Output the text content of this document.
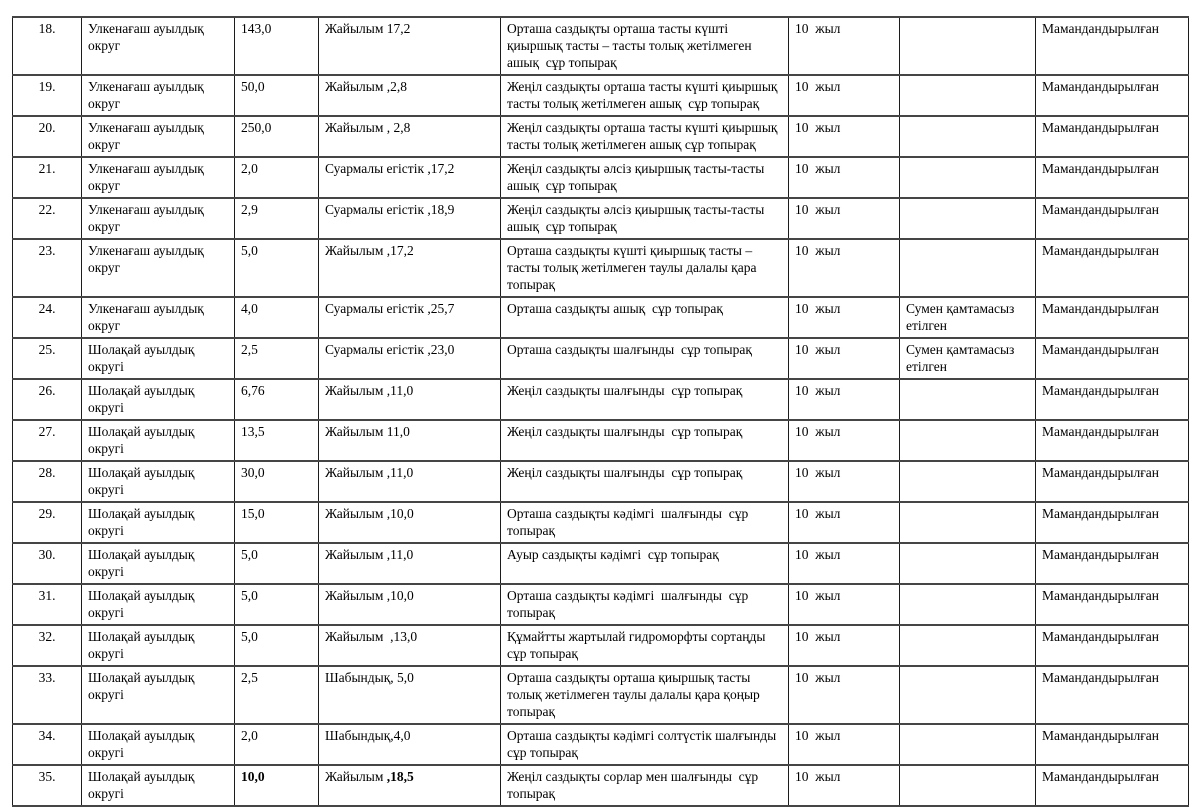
18.	Улкенағаш ауылдық округ	143,0	Жайылым 17,2	Орташа саздықты орташа тасты күшті қиыршық тасты – тасты толық жетілмеген ашық  сұр топырақ	10  жыл		Мамандандырылған
19.	Улкенағаш ауылдық округ	50,0	Жайылым ,2,8	Жеңіл саздықты орташа тасты күшті қиыршық тасты толық жетілмеген ашық  сұр топырақ	10  жыл		Мамандандырылған
20.	Улкенағаш ауылдық округ	250,0	Жайылым , 2,8	Жеңіл саздықты орташа тасты күшті қиыршық тасты толық жетілмеген ашық сұр топырақ	10  жыл		Мамандандырылған
21.	Улкенағаш ауылдық округ	2,0	Суармалы егістік ,17,2	Жеңіл саздықты әлсіз қиыршық тасты-тасты ашық  сұр топырақ	10  жыл		Мамандандырылған
22.	Улкенағаш ауылдық округ	2,9	Суармалы егістік ,18,9	Жеңіл саздықты әлсіз қиыршық тасты-тасты ашық  сұр топырақ	10  жыл		Мамандандырылған
23.	Улкенағаш ауылдық округ	5,0	Жайылым ,17,2	Орташа саздықты күшті қиыршық тасты – тасты толық жетілмеген таулы далалы қара топырақ	10  жыл		Мамандандырылған
24.	Улкенағаш ауылдық округ	4,0	Суармалы егістік ,25,7	Орташа саздықты ашық  сұр топырақ	10  жыл	Сумен қамтамасыз етілген	Мамандандырылған
25.	Шолақай ауылдық округі	2,5	Суармалы егістік ,23,0	Орташа саздықты шалғынды  сұр топырақ	10  жыл	Сумен қамтамасыз етілген	Мамандандырылған
26.	Шолақай ауылдық округі	6,76	Жайылым ,11,0	Жеңіл саздықты шалғынды  сұр топырақ	10  жыл		Мамандандырылған
27.	Шолақай ауылдық округі	13,5	Жайылым 11,0	Жеңіл саздықты шалғынды  сұр топырақ	10  жыл		Мамандандырылған
28.	Шолақай ауылдық округі	30,0	Жайылым ,11,0	Жеңіл саздықты шалғынды  сұр топырақ	10  жыл		Мамандандырылған
29.	Шолақай ауылдық округі	15,0	Жайылым ,10,0	Орташа саздықты кәдімгі  шалғынды  сұр топырақ	10  жыл		Мамандандырылған
30.	Шолақай ауылдық округі	5,0	Жайылым ,11,0	Ауыр саздықты кәдімгі  сұр топырақ	10  жыл		Мамандандырылған
31.	Шолақай ауылдық округі	5,0	Жайылым ,10,0	Орташа саздықты кәдімгі  шалғынды  сұр топырақ	10  жыл		Мамандандырылған
32.	Шолақай ауылдық округі	5,0	Жайылым  ,13,0	Құмайтты жартылай гидроморфты сортаңды  сұр топырақ	10  жыл		Мамандандырылған
33.	Шолақай ауылдық округі	2,5	Шабындық, 5,0	Орташа саздықты орташа қиыршық тасты толық жетілмеген таулы далалы қара қоңыр топырақ	10  жыл		Мамандандырылған
34.	Шолақай ауылдық округі	2,0	Шабындық,4,0	Орташа саздықты кәдімгі солтүстік шалғынды  сұр топырақ	10  жыл		Мамандандырылған
35.	Шолақай ауылдық округі	10,0	Жайылым ,18,5	Жеңіл саздықты сорлар мен шалғынды  сұр топырақ	10  жыл		Мамандандырылған
